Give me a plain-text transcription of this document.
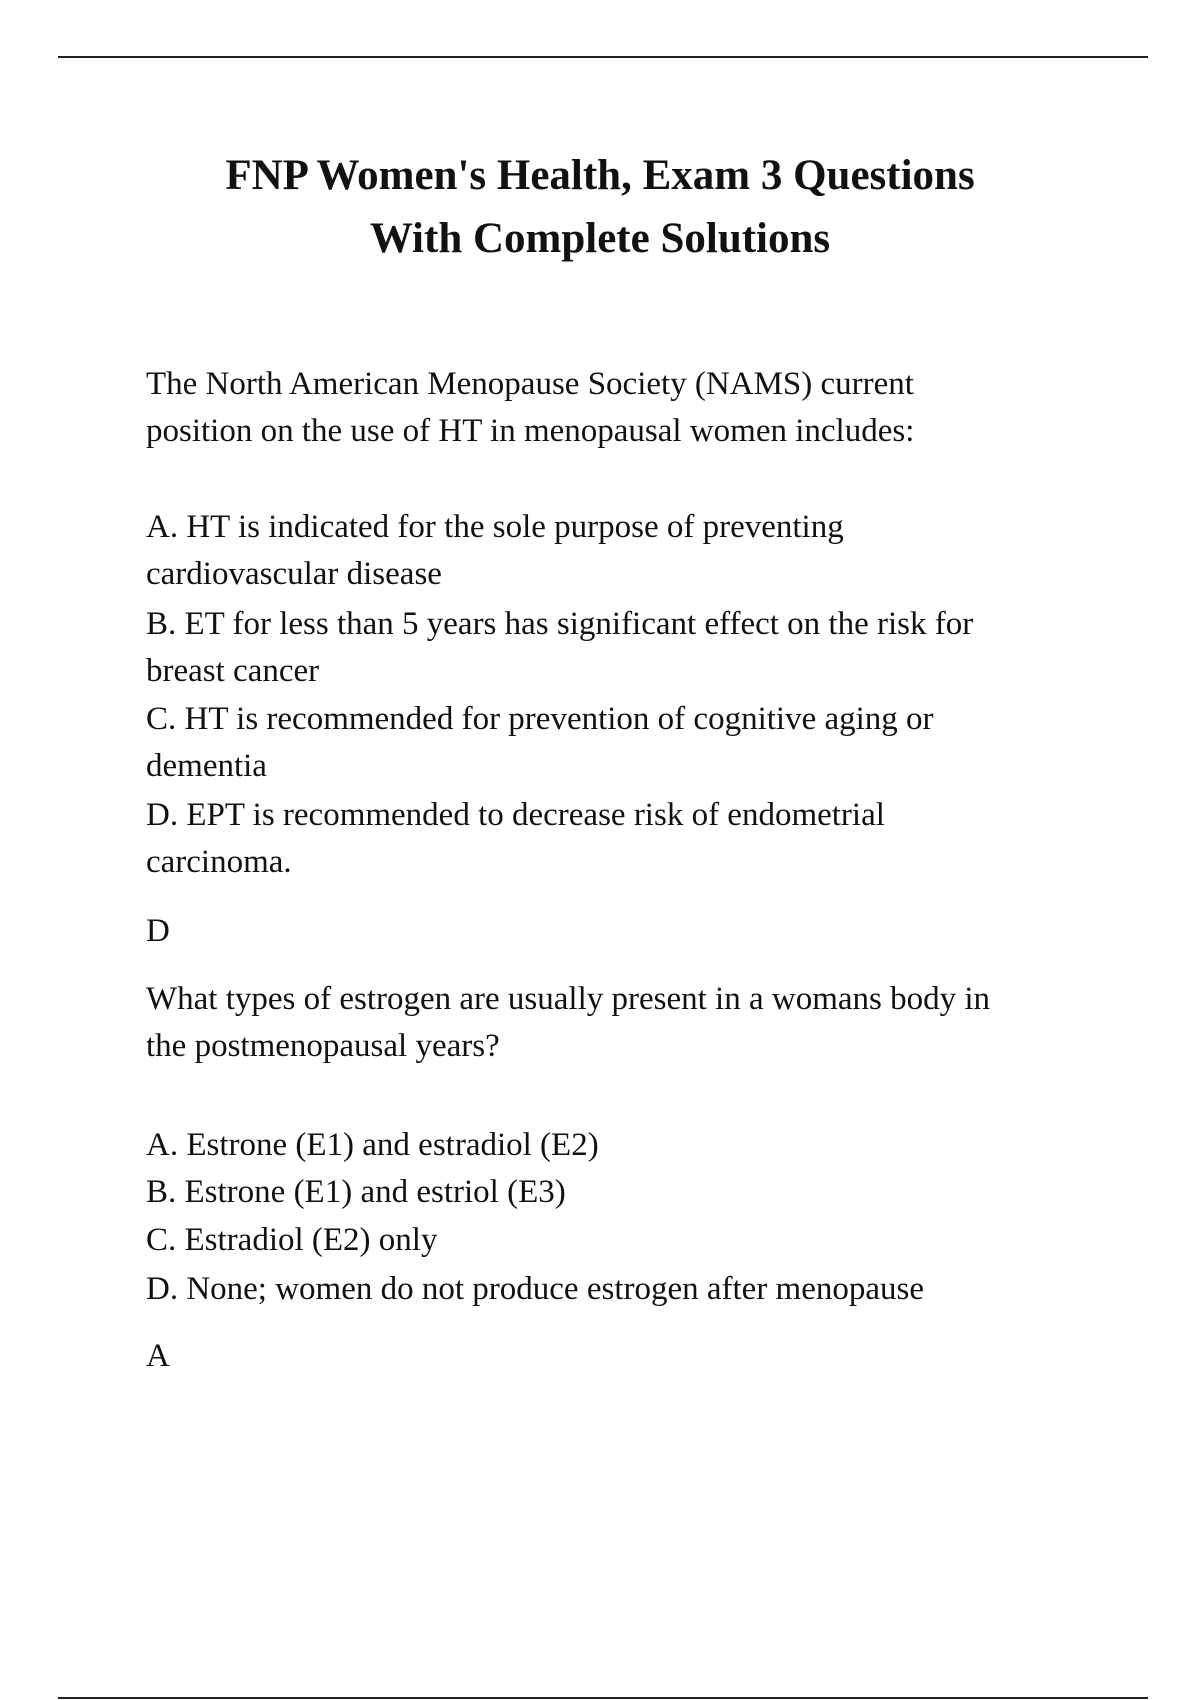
FNP Women's Health, Exam 3 Questions
With Complete Solutions
The North American Menopause Society (NAMS) current
position on the use of HT in menopausal women includes:
A. HT is indicated for the sole purpose of preventing
cardiovascular disease
B. ET for less than 5 years has significant effect on the risk for
breast cancer
C. HT is recommended for prevention of cognitive aging or
dementia
D. EPT is recommended to decrease risk of endometrial
carcinoma.
D
What types of estrogen are usually present in a womans body in
the postmenopausal years?
A. Estrone (E1) and estradiol (E2)
B. Estrone (E1) and estriol (E3)
C. Estradiol (E2) only
D. None; women do not produce estrogen after menopause
A
